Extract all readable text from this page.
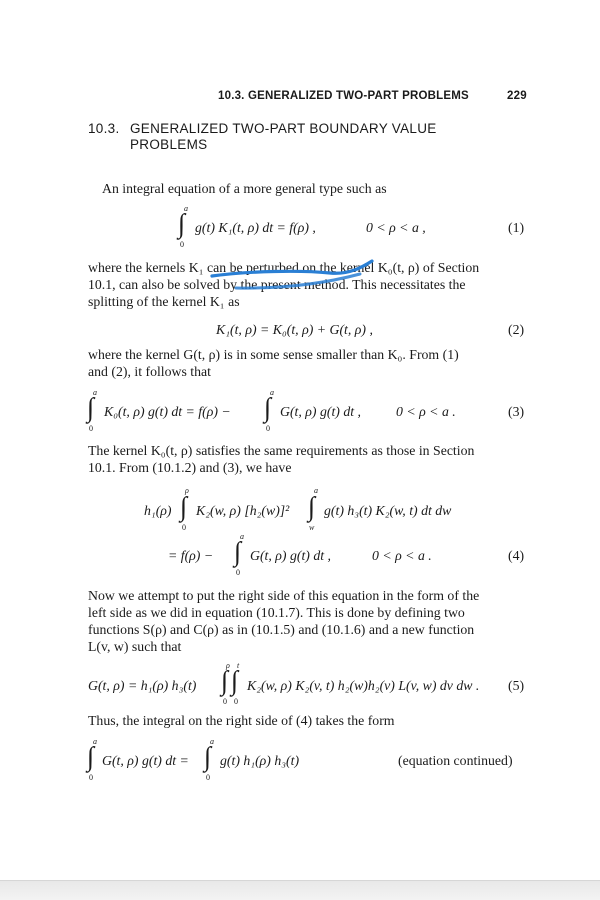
10.3. GENERALIZED TWO-PART PROBLEMS	229
10.3. GENERALIZED TWO-PART BOUNDARY VALUE
PROBLEMS
An integral equation of a more general type such as
a
∫
0
g(t) K₁(t, ρ) dt = f(ρ) ,	0 < ρ < a ,	(1)
where the kernels K₁ can be perturbed on the kernel K₀(t, ρ) of Section
10.1, can also be solved by the present method. This necessitates the
splitting of the kernel K₁ as
K₁(t, ρ) = K₀(t, ρ) + G(t, ρ) ,	(2)
where the kernel G(t, ρ) is in some sense smaller than K₀. From (1)
and (2), it follows that
a
∫
0
K₀(t, ρ) g(t) dt = f(ρ) −
a
∫
0
G(t, ρ) g(t) dt ,	0 < ρ < a .	(3)
The kernel K₀(t, ρ) satisfies the same requirements as those in Section
10.1. From (10.1.2) and (3), we have
h₁(ρ)
ρ
∫
0
K₂(w, ρ) [h₂(w)]²
a
∫
w
g(t) h₃(t) K₂(w, t) dt dw
= f(ρ) −
a
∫
0
G(t, ρ) g(t) dt ,	0 < ρ < a .	(4)
Now we attempt to put the right side of this equation in the form of the
left side as we did in equation (10.1.7). This is done by defining two
functions S(ρ) and C(ρ) as in (10.1.5) and (10.1.6) and a new function
L(v, w) such that
G(t, ρ) = h₁(ρ) h₃(t)
ρ t
∫ ∫
0 0
K₂(w, ρ) K₂(v, t) h₂(w)h₂(v) L(v, w) dv dw . (5)
Thus, the integral on the right side of (4) takes the form
a
∫
0
G(t, ρ) g(t) dt =
a
∫
0
g(t) h₁(ρ) h₃(t)	(equation continued)
